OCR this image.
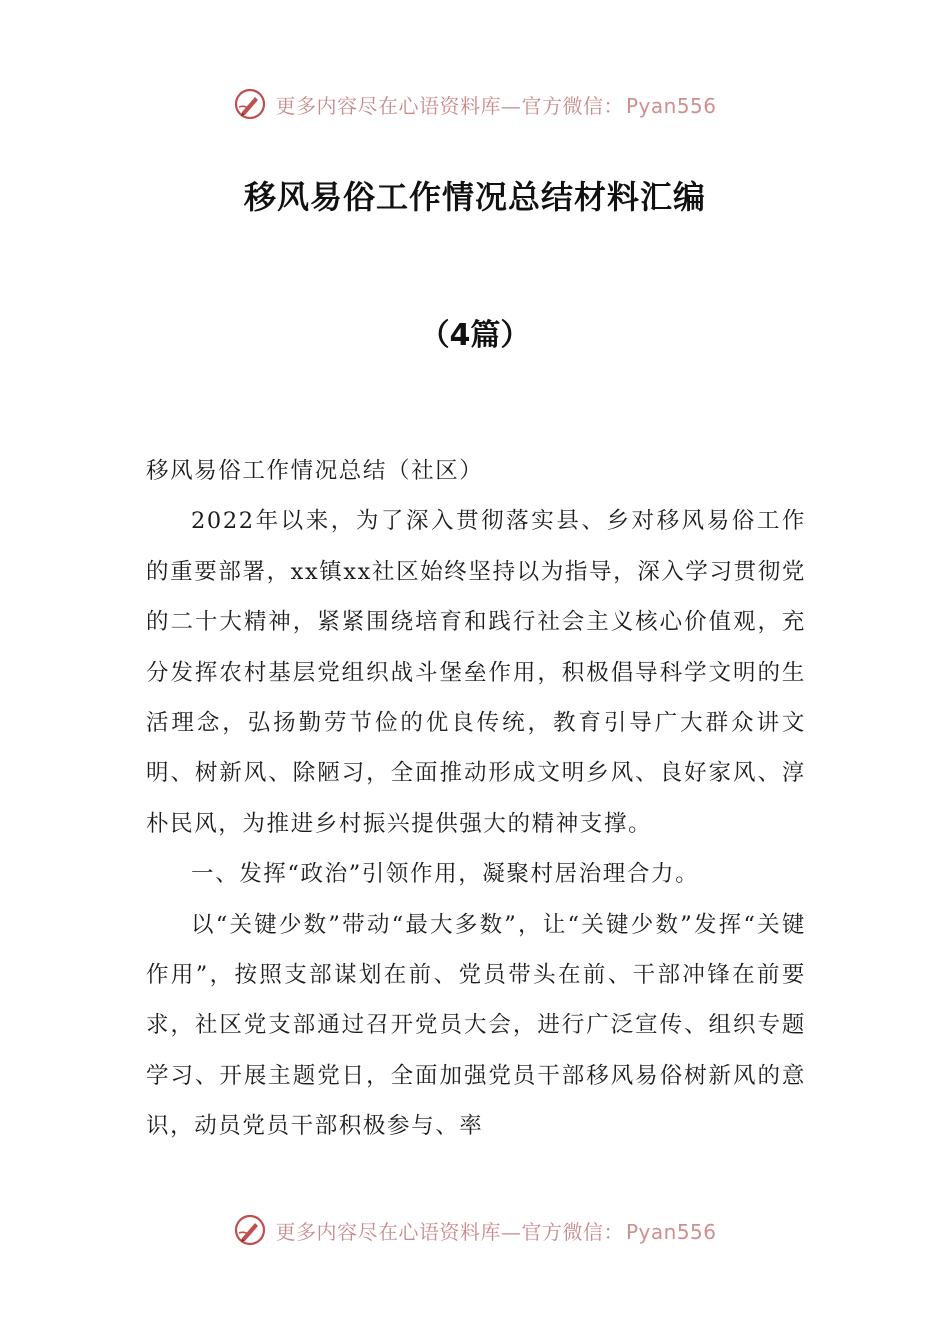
更多内容尽在心语资料库—官方微信： Pyan556
移风易俗工作情况总结材料汇编
（4篇）

移风易俗工作情况总结（社区）

2022年以来，为了深入贯彻落实县、乡对移风易俗工作的重要部署，xx镇xx社区始终坚持以为指导，深入学习贯彻党的二十大精神，紧紧围绕培育和践行社会主义核心价值观，充分发挥农村基层党组织战斗堡垒作用，积极倡导科学文明的生活理念，弘扬勤劳节俭的优良传统，教育引导广大群众讲文明、树新风、除陋习，全面推动形成文明乡风、良好家风、淳朴民风，为推进乡村振兴提供强大的精神支撑。

一、发挥“政治”引领作用，凝聚村居治理合力。

以“关键少数”带动“最大多数”，让“关键少数”发挥“关键作用”，按照支部谋划在前、党员带头在前、干部冲锋在前要求，社区党支部通过召开党员大会，进行广泛宣传、组织专题学习、开展主题党日，全面加强党员干部移风易俗树新风的意识，动员党员干部积极参与、率

更多内容尽在心语资料库—官方微信： Pyan556
